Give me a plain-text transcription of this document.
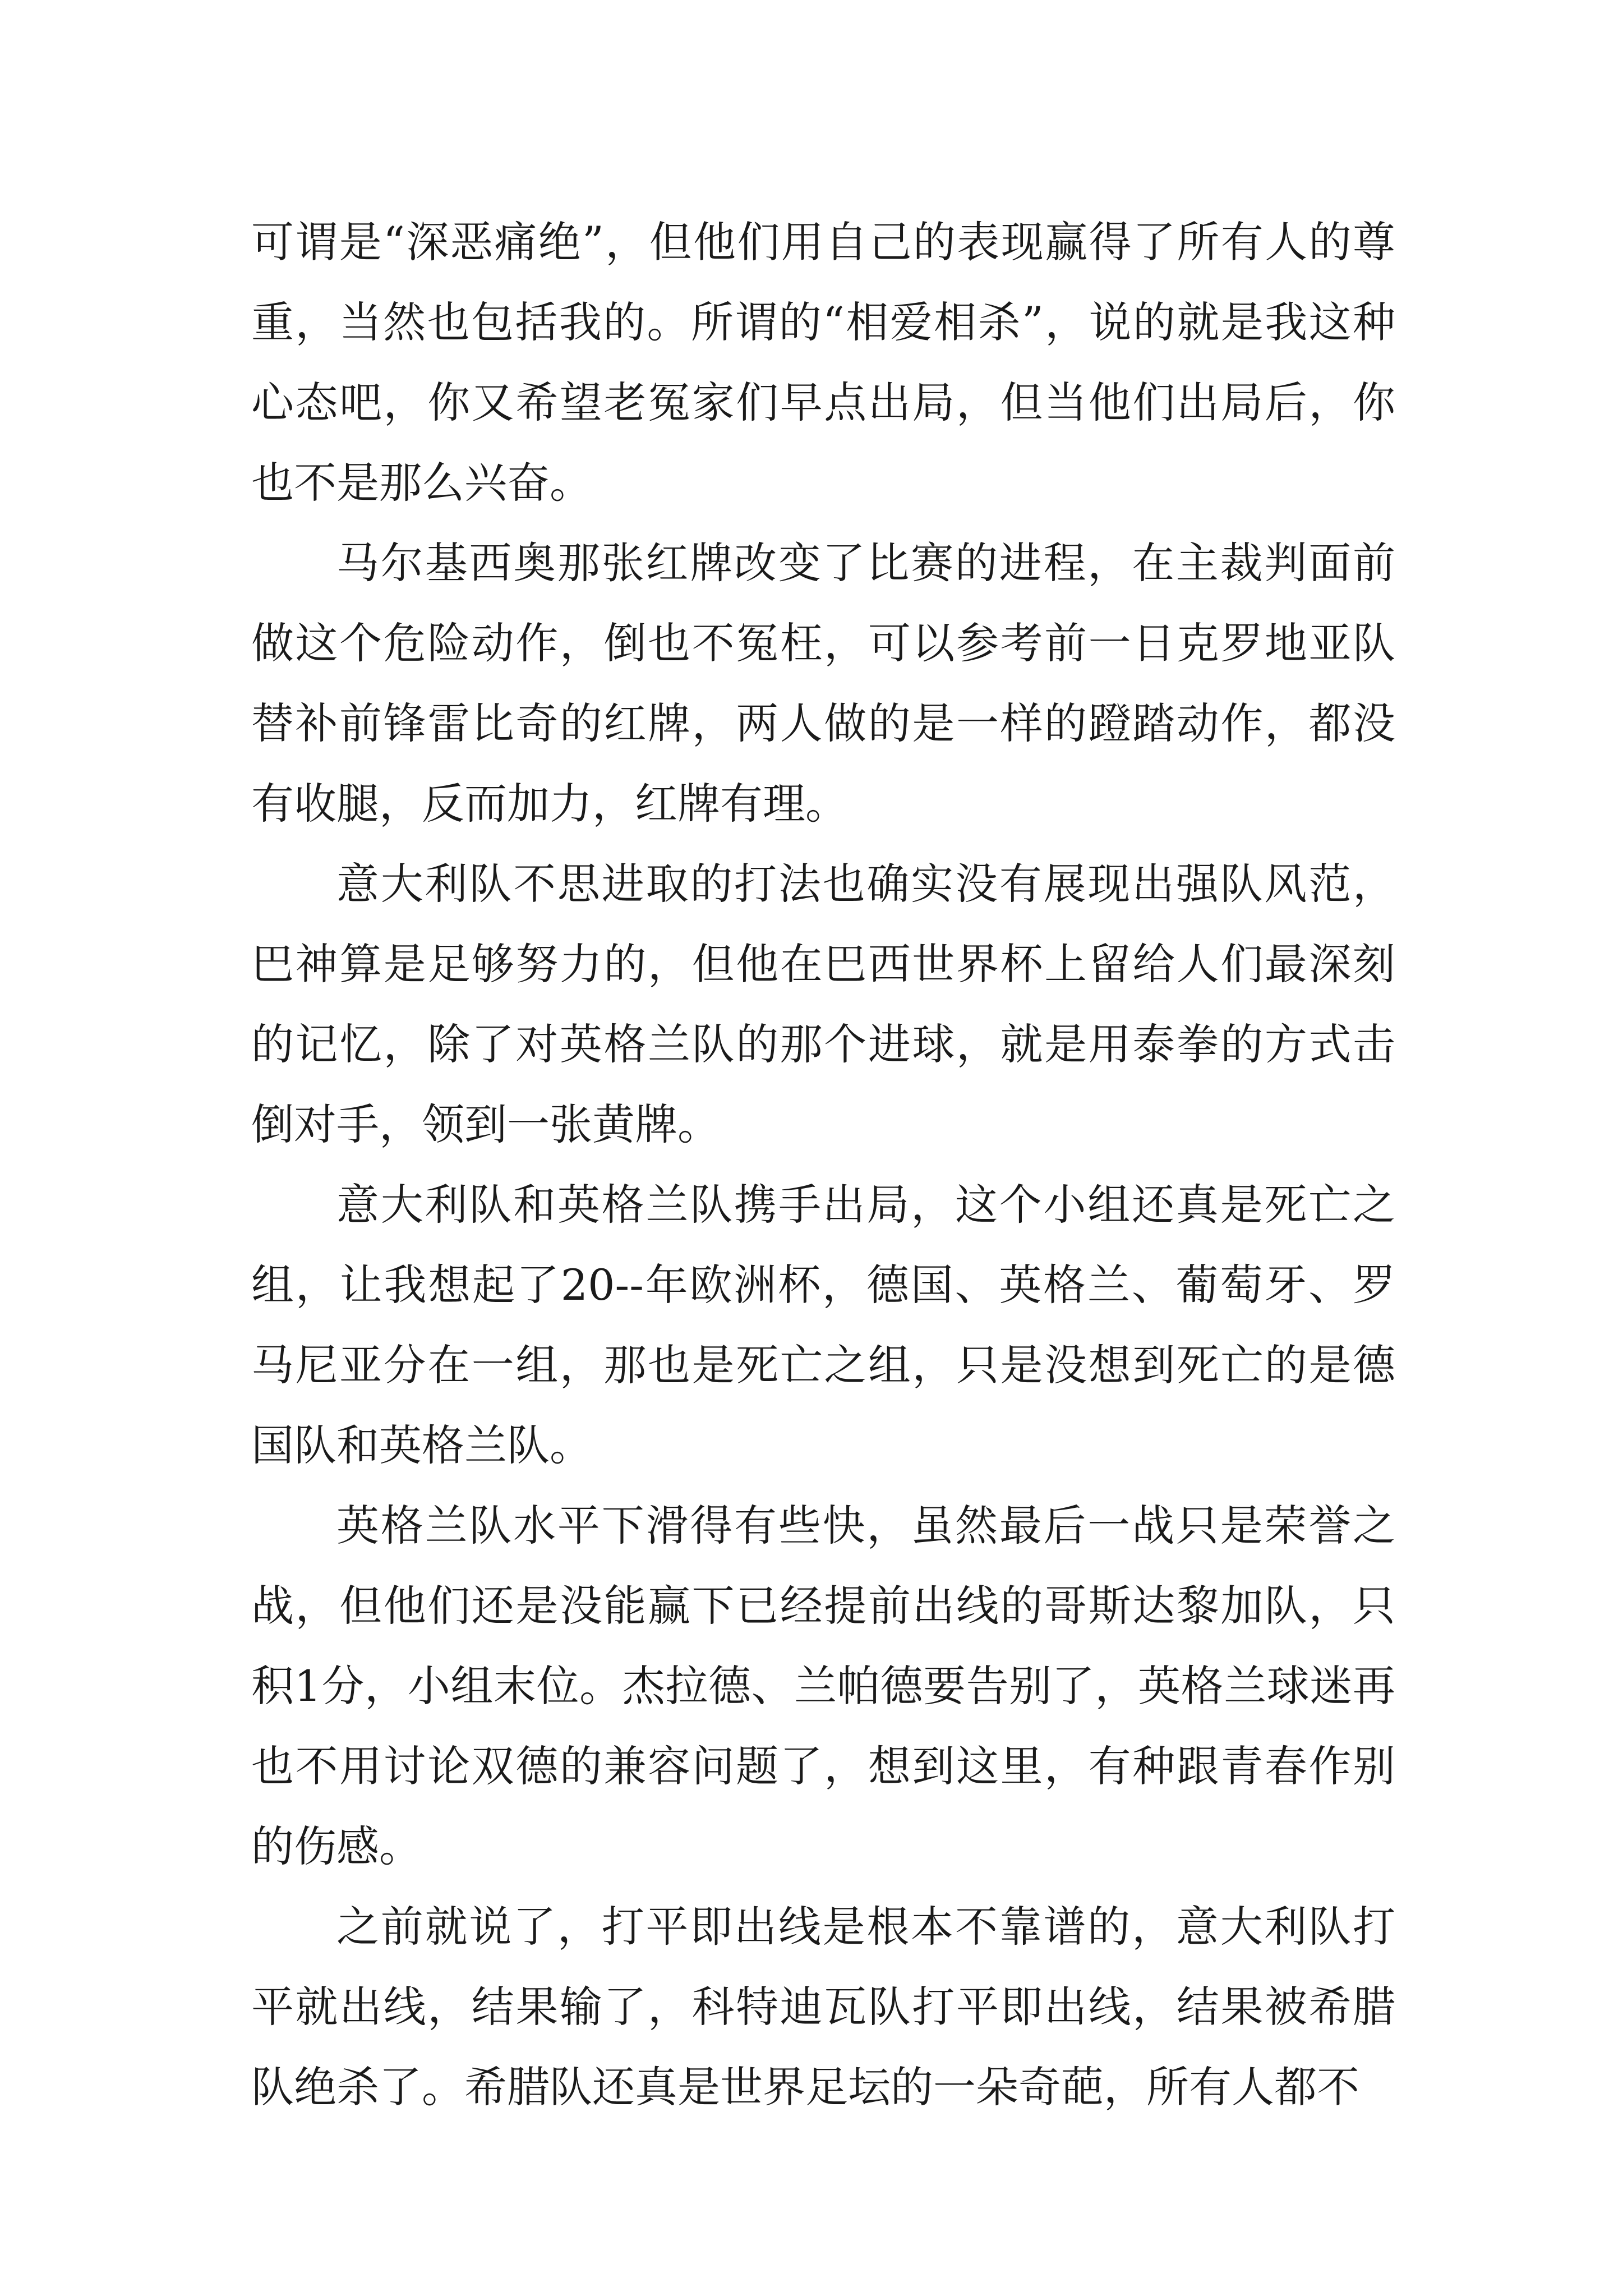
可谓是“深恶痛绝”，但他们用自己的表现赢得了所有人的尊重，当然也包括我的。所谓的“相爱相杀”，说的就是我这种心态吧，你又希望老冤家们早点出局，但当他们出局后，你也不是那么兴奋。

马尔基西奥那张红牌改变了比赛的进程，在主裁判面前做这个危险动作，倒也不冤枉，可以参考前一日克罗地亚队替补前锋雷比奇的红牌，两人做的是一样的蹬踏动作，都没有收腿，反而加力，红牌有理。

意大利队不思进取的打法也确实没有展现出强队风范，巴神算是足够努力的，但他在巴西世界杯上留给人们最深刻的记忆，除了对英格兰队的那个进球，就是用泰拳的方式击倒对手，领到一张黄牌。

意大利队和英格兰队携手出局，这个小组还真是死亡之组，让我想起了20--年欧洲杯，德国、英格兰、葡萄牙、罗马尼亚分在一组，那也是死亡之组，只是没想到死亡的是德国队和英格兰队。

英格兰队水平下滑得有些快，虽然最后一战只是荣誉之战，但他们还是没能赢下已经提前出线的哥斯达黎加队，只积1分，小组末位。杰拉德、兰帕德要告别了，英格兰球迷再也不用讨论双德的兼容问题了，想到这里，有种跟青春作别的伤感。

之前就说了，打平即出线是根本不靠谱的，意大利队打平就出线，结果输了，科特迪瓦队打平即出线，结果被希腊队绝杀了。希腊队还真是世界足坛的一朵奇葩，所有人都不
